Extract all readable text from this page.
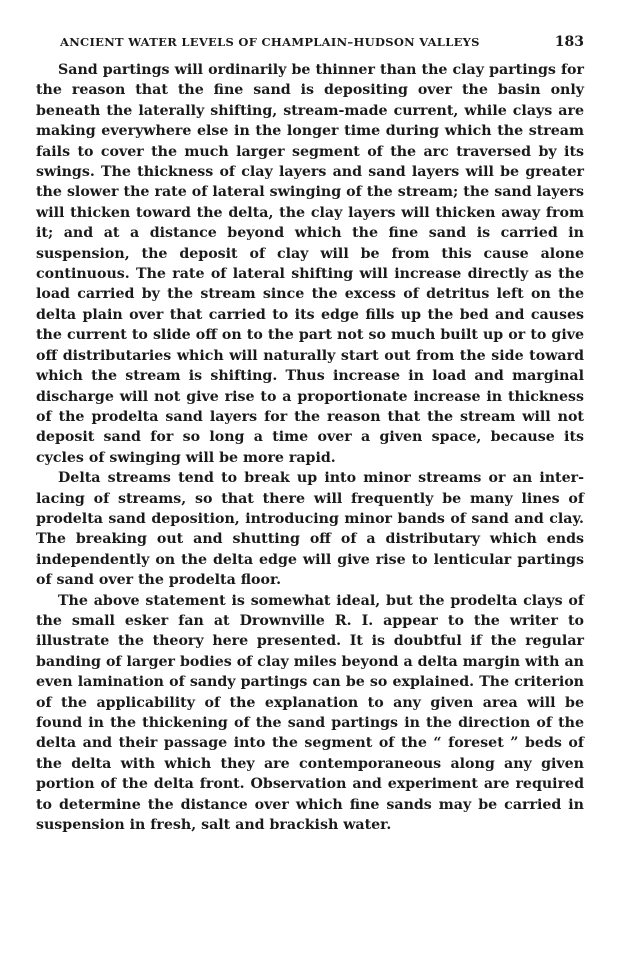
ANCIENT WATER LEVELS OF CHAMPLAIN–HUDSON VALLEYS	183

Sand partings will ordinarily be thinner than the clay partings for the reason that the fine sand is depositing over the basin only beneath the laterally shifting, stream-made current, while clays are making everywhere else in the longer time during which the stream fails to cover the much larger segment of the arc traversed by its swings. The thickness of clay layers and sand layers will be greater the slower the rate of lateral swinging of the stream; the sand layers will thicken toward the delta, the clay layers will thicken away from it; and at a distance beyond which the fine sand is carried in suspension, the deposit of clay will be from this cause alone continuous. The rate of lateral shifting will increase directly as the load carried by the stream since the excess of detritus left on the delta plain over that carried to its edge fills up the bed and causes the current to slide off on to the part not so much built up or to give off distributaries which will naturally start out from the side toward which the stream is shifting. Thus increase in load and marginal discharge will not give rise to a proportionate increase in thickness of the prodelta sand layers for the reason that the stream will not deposit sand for so long a time over a given space, because its cycles of swinging will be more rapid.

Delta streams tend to break up into minor streams or an interlacing of streams, so that there will frequently be many lines of prodelta sand deposition, introducing minor bands of sand and clay. The breaking out and shutting off of a distributary which ends independently on the delta edge will give rise to lenticular partings of sand over the prodelta floor.

The above statement is somewhat ideal, but the prodelta clays of the small esker fan at Drownville R. I. appear to the writer to illustrate the theory here presented. It is doubtful if the regular banding of larger bodies of clay miles beyond a delta margin with an even lamination of sandy partings can be so explained. The criterion of the applicability of the explanation to any given area will be found in the thickening of the sand partings in the direction of the delta and their passage into the segment of the “ foreset ” beds of the delta with which they are contemporaneous along any given portion of the delta front. Observation and experiment are required to determine the distance over which fine sands may be carried in suspension in fresh, salt and brackish water.
